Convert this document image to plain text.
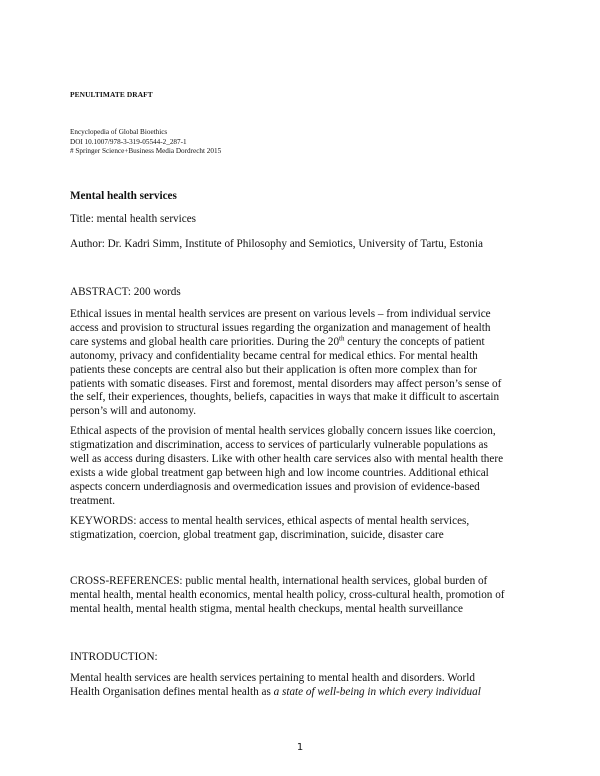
PENULTIMATE DRAFT
Encyclopedia of Global Bioethics
DOI 10.1007/978-3-319-05544-2_287-1
# Springer Science+Business Media Dordrecht 2015
Mental health services
Title: mental health services
Author: Dr. Kadri Simm, Institute of Philosophy and Semiotics, University of Tartu, Estonia
ABSTRACT: 200 words

Ethical issues in mental health services are present on various levels – from individual service

access and provision to structural issues regarding the organization and management of health

care systems and global health care priorities. During the 20th century the concepts of patient

autonomy, privacy and confidentiality became central for medical ethics. For mental health

patients these concepts are central also but their application is often more complex than for

patients with somatic diseases. First and foremost, mental disorders may affect person’s sense of

the self, their experiences, thoughts, beliefs, capacities in ways that make it difficult to ascertain

person’s will and autonomy.

Ethical aspects of the provision of mental health services globally concern issues like coercion,

stigmatization and discrimination, access to services of particularly vulnerable populations as

well as access during disasters. Like with other health care services also with mental health there

exists a wide global treatment gap between high and low income countries. Additional ethical

aspects concern underdiagnosis and overmedication issues and provision of evidence-based

treatment.

KEYWORDS: access to mental health services, ethical aspects of mental health services,

stigmatization, coercion, global treatment gap, discrimination, suicide, disaster care

CROSS-REFERENCES: public mental health, international health services, global burden of

mental health, mental health economics, mental health policy, cross-cultural health, promotion of

mental health, mental health stigma, mental health checkups, mental health surveillance

INTRODUCTION:

Mental health services are health services pertaining to mental health and disorders. World

Health Organisation defines mental health as a state of well-being in which every individual

1
